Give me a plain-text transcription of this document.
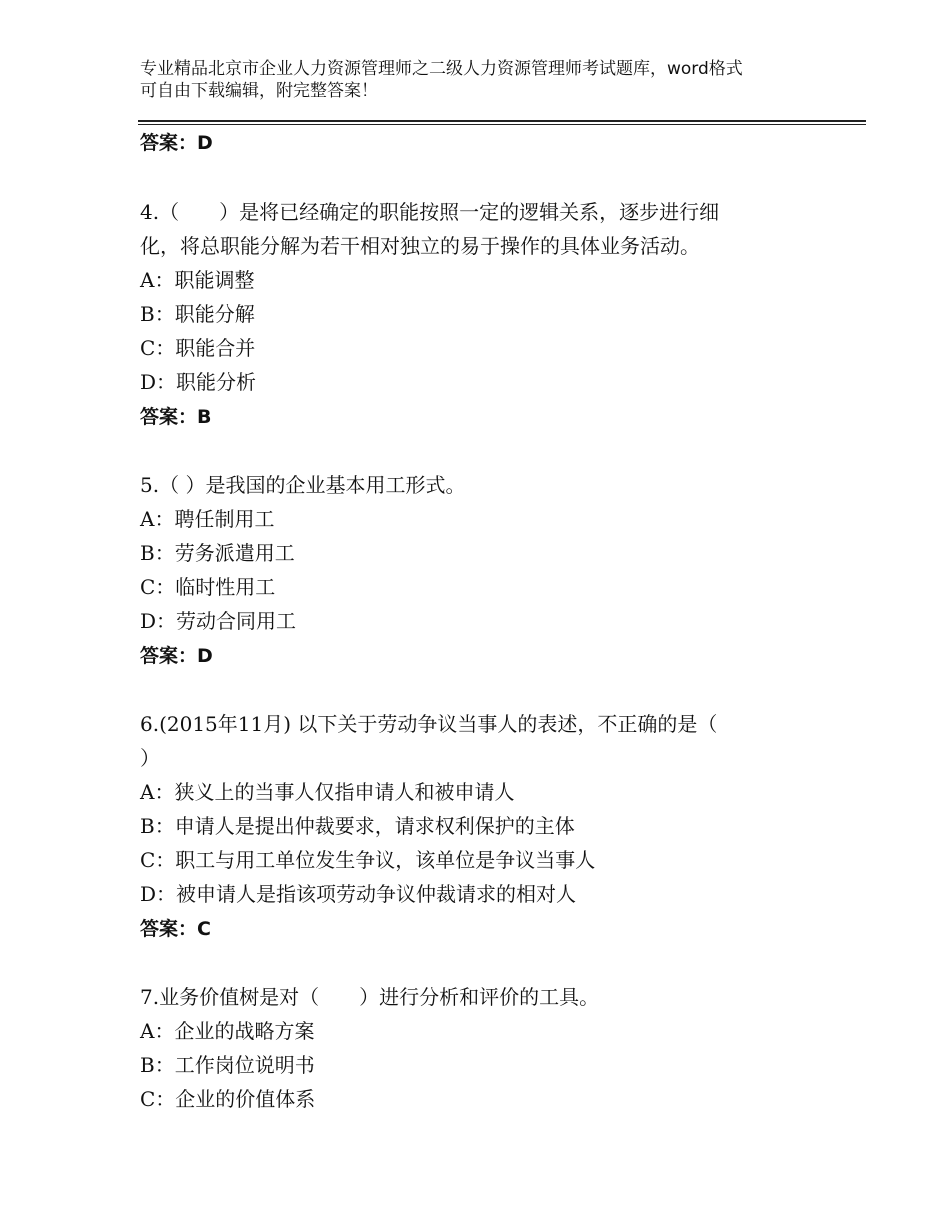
专业精品北京市企业人力资源管理师之二级人力资源管理师考试题库，word格式
可自由下载编辑，附完整答案！
答案：D
4.（　　）是将已经确定的职能按照一定的逻辑关系，逐步进行细
化，将总职能分解为若干相对独立的易于操作的具体业务活动。
A：职能调整
B：职能分解
C：职能合并
D：职能分析
答案：B
5.（ ）是我国的企业基本用工形式。
A：聘任制用工
B：劳务派遣用工
C：临时性用工
D：劳动合同用工
答案：D
6.(2015年11月) 以下关于劳动争议当事人的表述，不正确的是（
）
A：狭义上的当事人仅指申请人和被申请人
B：申请人是提出仲裁要求，请求权利保护的主体
C：职工与用工单位发生争议，该单位是争议当事人
D：被申请人是指该项劳动争议仲裁请求的相对人
答案：C
7.业务价值树是对（　　）进行分析和评价的工具。
A：企业的战略方案
B：工作岗位说明书
C：企业的价值体系
